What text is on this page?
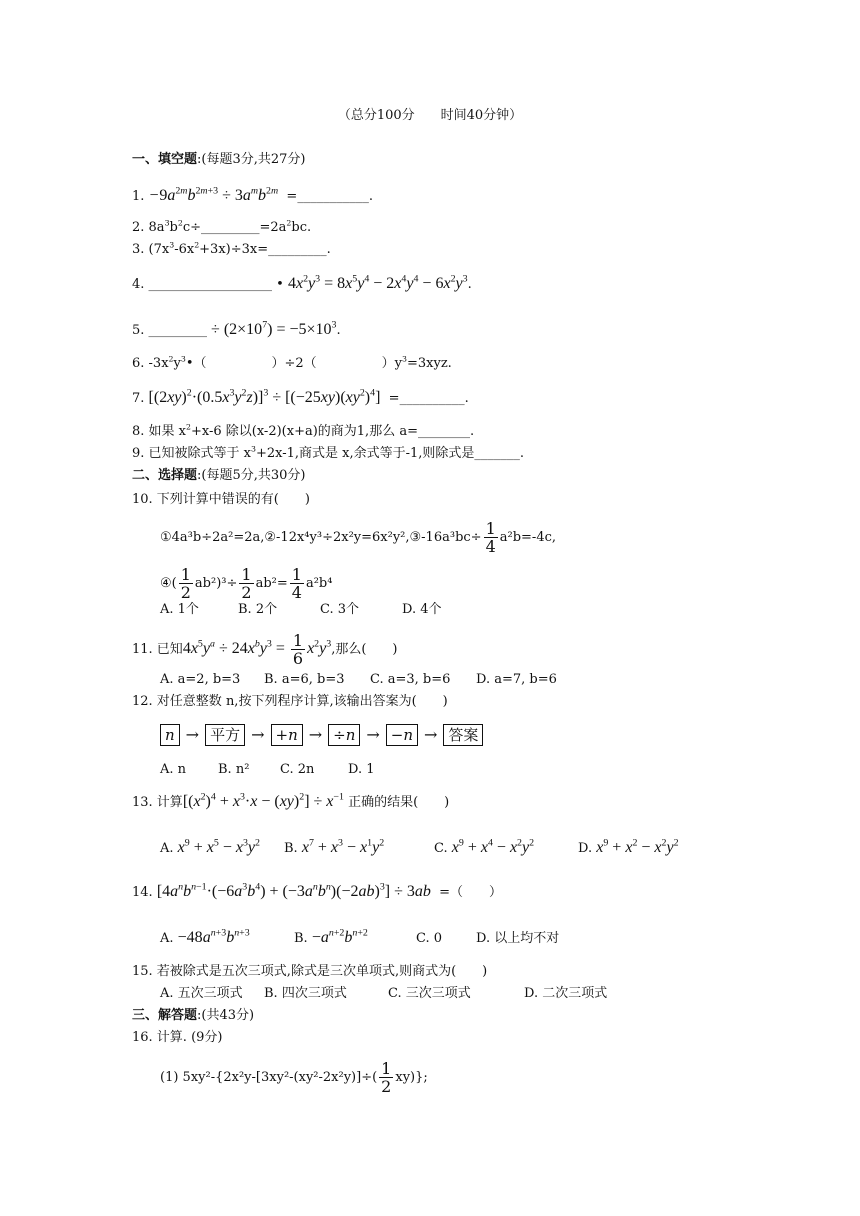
（总分100分　　时间40分钟）
一、填空题:(每题3分,共27分)
1. $-9a^{2m}b^{2m+3} \div 3a^mb^{2m}$ =___________.
2. $8a^3b^2c\div\_\_\_\_\_\_\_\_\_=2a^2bc$.
3. $(7x^3-6x^2+3x)\div 3x=\_\_\_\_\_\_\_\_\_$.
4. ___________________ • $4x^2y^3 = 8x^5y^4 - 2x^4y^4 - 6x^2y^3$.
5. _________ ÷ $(2\times 10^7) = -5\times 10^3$.
6. $-3x^2y^3•$（　　　　　）÷2（　　　　　）$y^3=3xyz$.
7. $[(2xy)^2\cdot(0.5x^3y^2z)]^3 \div [(-25xy)(xy^2)^4]$ =__________.
8. 如果 $x^2+x-6$ 除以(x-2)(x+a)的商为1,那么 a=________.
9. 已知被除式等于 $x^3+2x-1$,商式是 x,余式等于-1,则除式是_______.
二、选择题:(每题5分,共30分)
10. 下列计算中错误的有(　　)
①4a³b÷2a²=2a,②-12x⁴y³÷2x²y=6x²y²,③-16a³bc÷ $\frac{1}{4} a^2b=-4c$,
④( $\frac{1}{2} ab^2)^3\div \frac{1}{2} ab^2= \frac{1}{4} a^2b^4$
A. 1个	B. 2个	C. 3个	D. 4个
11. 已知$4x^5y^a \div 24x^by^3 = \frac{1}{6} x^2y^3$,那么(　　)
A. a=2, b=3 B. a=6, b=3 C. a=3, b=6 D. a=7, b=6
12. 对任意整数 n,按下列程序计算,该输出答案为(　　)
n → 平方 → +n → ÷n → −n → 答案
A. n B. n² C. 2n	D. 1
13. 计算$[(x^2)^4 + x^3\cdot x - (xy)^2] \div x^{-1}$ 正确的结果(　　)
A. $x^9 + x^5 - x^3y^2$ B. $x^7 + x^3 - x^1y^2$	C. $x^9 + x^4 - x^2y^2$	D. $x^9 + x^2 - x^2y^2$
14. $[4a^nb^{n-1}\cdot(-6a^3b^4) + (-3a^nb^n)(-2ab)^3] \div 3ab$ =（　　）
A. $-48a^{n+3}b^{n+3}$	B. $-a^{n+2}b^{n+2}$	C. 0	D. 以上均不对
15. 若被除式是五次三项式,除式是三次单项式,则商式为(　　)
A. 五次三项式 B. 四次三项式	C. 三次三项式	D. 二次三项式
三、解答题:(共43分)
16. 计算. (9分)
(1) $5xy^2-\{2x^2y-[3xy^2-(xy^2-2x^2y)]\div( \frac{1}{2} xy)\}$;
